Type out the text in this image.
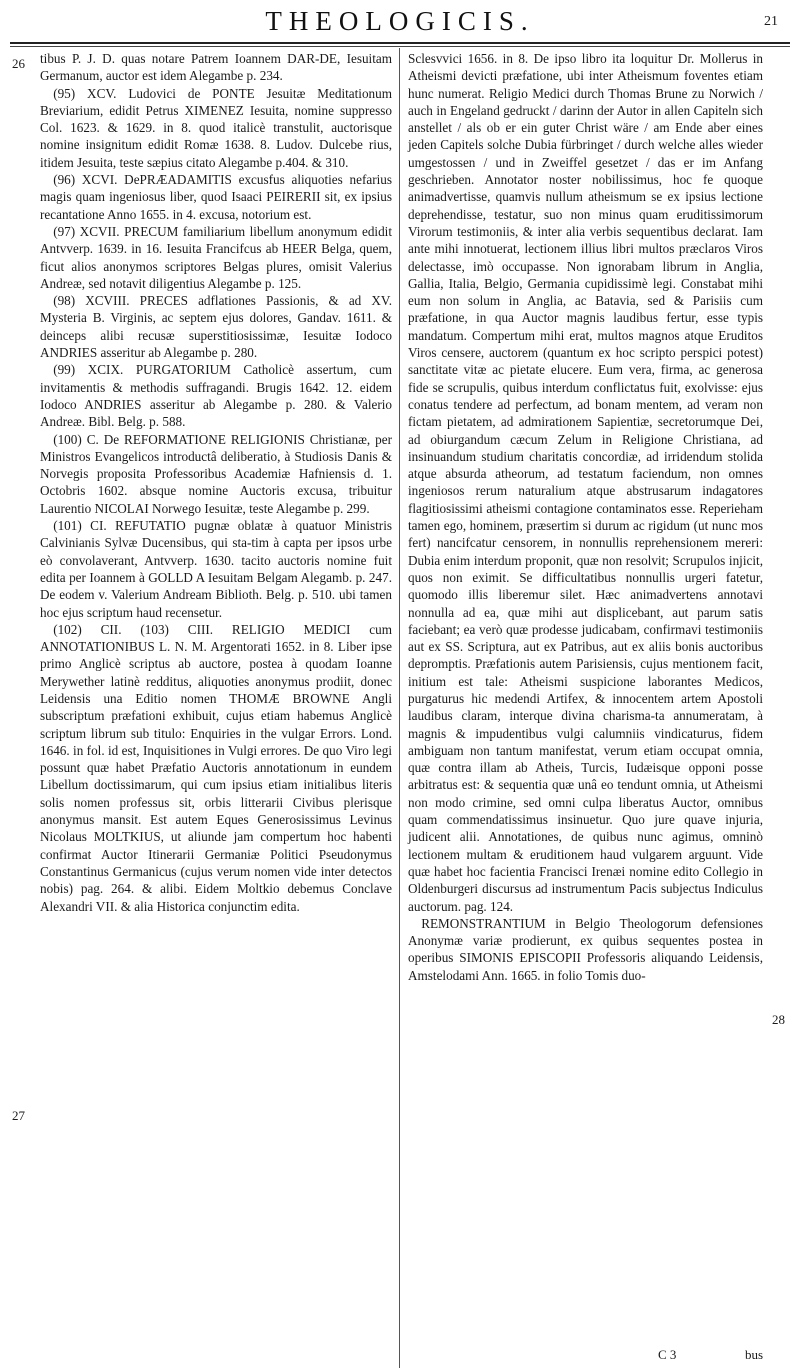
THEOLOGICIS.	21
26
27
28

tibus P. J. D. quas notare Patrem Ioannem DAR-DE, Iesuitam Germanum, auctor est idem Alegambe p. 234.

(95) XCV. Ludovici de PONTE Jesuitæ Meditationum Breviarium, edidit Petrus XIMENEZ Iesuita, nomine suppresso Col. 1623. & 1629. in 8. quod italicè transtulit, auctorisque nomine insignitum edidit Romæ 1638. 8. Ludov. Dulcebe rius, itidem Jesuita, teste sæpius citato Alegambe p.404. & 310.

(96) XCVI. DePRÆADAMITIS excusfus aliquoties nefarius magis quam ingeniosus liber, quod Isaaci PEIRERII sit, ex ipsius recantatione Anno 1655. in 4. excusa, notorium est.

(97) XCVII. PRECUM familiarium libellum anonymum edidit Antvverp. 1639. in 16. Iesuita Francifcus ab HEER Belga, quem, ficut alios anonymos scriptores Belgas plures, omisit Valerius Andreæ, sed notavit diligentius Alegambe p. 125.

(98) XCVIII. PRECES adflationes Passionis, & ad XV. Mysteria B. Virginis, ac septem ejus dolores, Gandav. 1611. & deinceps alibi recusæ superstitiosissimæ, Iesuitæ Iodoco ANDRIES asseritur ab Alegambe p. 280.

(99) XCIX. PURGATORIUM Catholicè assertum, cum invitamentis & methodis suffragandi. Brugis 1642. 12. eidem Iodoco ANDRIES asseritur ab Alegambe p. 280. & Valerio Andreæ. Bibl. Belg. p. 588.

(100) C. De REFORMATIONE RELIGIONIS Christianæ, per Ministros Evangelicos introductâ deliberatio, à Studiosis Danis & Norvegis proposita Professoribus Academiæ Hafniensis d. 1. Octobris 1602. absque nomine Auctoris excusa, tribuitur Laurentio NICOLAI Norwego Iesuitæ, teste Alegambe p. 299.

(101) CI. REFUTATIO pugnæ oblatæ à quatuor Ministris Calvinianis Sylvæ Ducensibus, qui sta-tim à capta per ipsos urbe eò convolaverant, Antvverp. 1630. tacito auctoris nomine fuit edita per Ioannem à GOLLD A Iesuitam Belgam Alegamb. p. 247. De eodem v. Valerium Andream Biblioth. Belg. p. 510. ubi tamen hoc ejus scriptum haud recensetur.

(102) CII. (103) CIII. RELIGIO MEDICI cum ANNOTATIONIBUS L. N. M. Argentorati 1652. in 8. Liber ipse primo Anglicè scriptus ab auctore, postea à quodam Ioanne Merywether latinè redditus, aliquoties anonymus prodiit, donec Leidensis una Editio nomen THOMÆ BROWNE Angli subscriptum præfationi exhibuit, cujus etiam habemus Anglicè scriptum librum sub titulo: Enquiries in the vulgar Errors. Lond. 1646. in fol. id est, Inquisitiones in Vulgi errores. De quo Viro legi possunt quæ habet Præfatio Auctoris annotationum in eundem Libellum doctissimarum, qui cum ipsius etiam initialibus literis solis nomen professus sit, orbis litterarii Civibus plerisque anonymus mansit. Est autem Eques Generosissimus Levinus Nicolaus MOLTKIUS, ut aliunde jam compertum hoc habenti confirmat Auctor Itinerarii Germaniæ Politici Pseudonymus Constantinus Germanicus (cujus verum nomen vide inter detectos nobis) pag. 264. & alibi. Eidem Moltkio debemus Conclave Alexandri VII. & alia Historica conjunctim edita.

Sclesvvici 1656. in 8. De ipso libro ita loquitur Dr. Mollerus in Atheismi devicti præfatione, ubi inter Atheismum foventes etiam hunc numerat. Religio Medici durch Thomas Brune zu Norwich / auch in Engeland gedruckt / darinn der Autor in allen Capiteln sich anstellet / als ob er ein guter Christ wäre / am Ende aber eines jeden Capitels solche Dubia fürbringet / durch welche alles wieder umgestossen / und in Zweiffel gesetzet / das er im Anfang geschrieben. Annotator noster nobilissimus, hoc fe quoque animadvertisse, quamvis nullum atheismum se ex ipsius lectione deprehendisse, testatur, suo non minus quam eruditissimorum Virorum testimoniis, & inter alia verbis sequentibus declarat. Iam ante mihi innotuerat, lectionem illius libri multos præclaros Viros delectasse, imò occupasse. Non ignorabam librum in Anglia, Gallia, Italia, Belgio, Germania cupidissimè legi. Constabat mihi eum non solum in Anglia, ac Batavia, sed & Parisiis cum præfatione, in qua Auctor magnis laudibus fertur, esse typis mandatum. Compertum mihi erat, multos magnos atque Eruditos Viros censere, auctorem (quantum ex hoc scripto perspici potest) sanctitate vitæ ac pietate elucere. Eum vera, firma, ac generosa fide se scrupulis, quibus interdum conflictatus fuit, exolvisse: ejus conatus tendere ad perfectum, ad bonam mentem, ad veram non fictam pietatem, ad admirationem Sapientiæ, secretorumque Dei, ad obiurgandum cæcum Zelum in Religione Christiana, ad insinuandum studium charitatis concordiæ, ad irridendum stolida atque absurda atheorum, ad testatum faciendum, non omnes ingeniosos rerum naturalium atque abstrusarum indagatores flagitiosissimi atheismi contagione contaminatos esse. Reperieham tamen ego, hominem, præsertim si durum ac rigidum (ut nunc mos fert) nancifcatur censorem, in nonnullis reprehensionem mereri: Dubia enim interdum proponit, quæ non resolvit; Scrupulos injicit, quos non eximit. Se difficultatibus nonnullis urgeri fatetur, quomodo illis liberemur silet. Hæc animadvertens annotavi nonnulla ad ea, quæ mihi aut displicebant, aut parum satis faciebant; ea verò quæ prodesse judicabam, confirmavi testimoniis aut ex SS. Scriptura, aut ex Patribus, aut ex aliis bonis auctoribus depromptis. Præfationis autem Parisiensis, cujus mentionem facit, initium est tale: Atheismi suspicione laborantes Medicos, purgaturus hic medendi Artifex, & innocentem artem Apostoli laudibus claram, interque divina charisma-ta annumeratam, à magnis & impudentibus vulgi calumniis vindicaturus, fidem ambiguam non tantum manifestat, verum etiam occupat omnia, quæ contra illam ab Atheis, Turcis, Iudæisque opponi posse arbitratus est: & sequentia quæ unâ eo tendunt omnia, ut Atheismi non modo crimine, sed omni culpa liberatus Auctor, omnibus quam commendatissimus insinuetur. Quo jure quave injuria, judicent alii. Annotationes, de quibus nunc agimus, omninò lectionem multam & eruditionem haud vulgarem arguunt. Vide quæ habet hoc facientia Francisci Irenæi nomine edito Collegio in Oldenburgeri discursus ad instrumentum Pacis subjectus Indiculus auctorum. pag. 124.

REMONSTRANTIUM in Belgio Theologorum defensiones Anonymæ variæ prodierunt, ex quibus sequentes postea in operibus SIMONIS EPISCOPII Professoris aliquando Leidensis, Amstelodami Ann. 1665. in folio Tomis duo-

C 3	bus
